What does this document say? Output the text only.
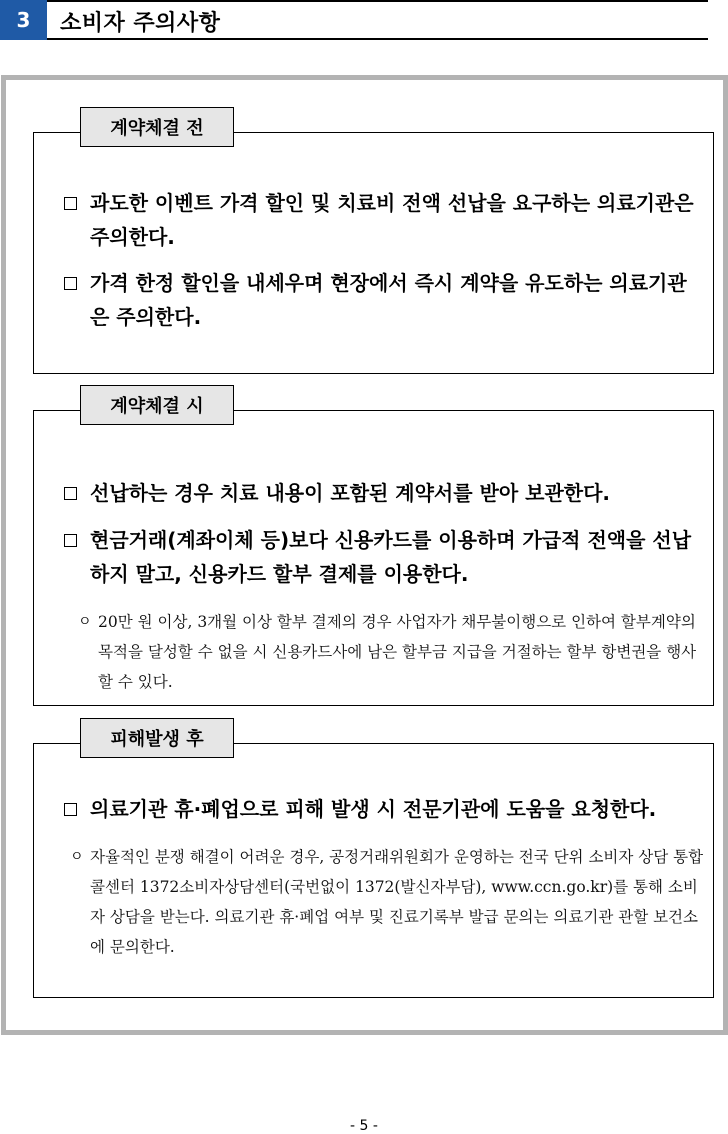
3	소비자 주의사항
계약체결 전
과도한 이벤트 가격 할인 및 치료비 전액 선납을 요구하는 의료기관은 주의한다.
가격 한정 할인을 내세우며 현장에서 즉시 계약을 유도하는 의료기관은 주의한다.
계약체결 시
선납하는 경우 치료 내용이 포함된 계약서를 받아 보관한다.
현금거래(계좌이체 등)보다 신용카드를 이용하며 가급적 전액을 선납하지 말고, 신용카드 할부 결제를 이용한다.
ㅇ 20만 원 이상, 3개월 이상 할부 결제의 경우 사업자가 채무불이행으로 인하여 할부계약의 목적을 달성할 수 없을 시 신용카드사에 남은 할부금 지급을 거절하는 할부 항변권을 행사할 수 있다.
피해발생 후
의료기관 휴·폐업으로 피해 발생 시 전문기관에 도움을 요청한다.
ㅇ 자율적인 분쟁 해결이 어려운 경우, 공정거래위원회가 운영하는 전국 단위 소비자 상담 통합 콜센터 1372소비자상담센터(국번없이 1372(발신자부담), www.ccn.go.kr)를 통해 소비자 상담을 받는다. 의료기관 휴·폐업 여부 및 진료기록부 발급 문의는 의료기관 관할 보건소에 문의한다.
- 5 -
